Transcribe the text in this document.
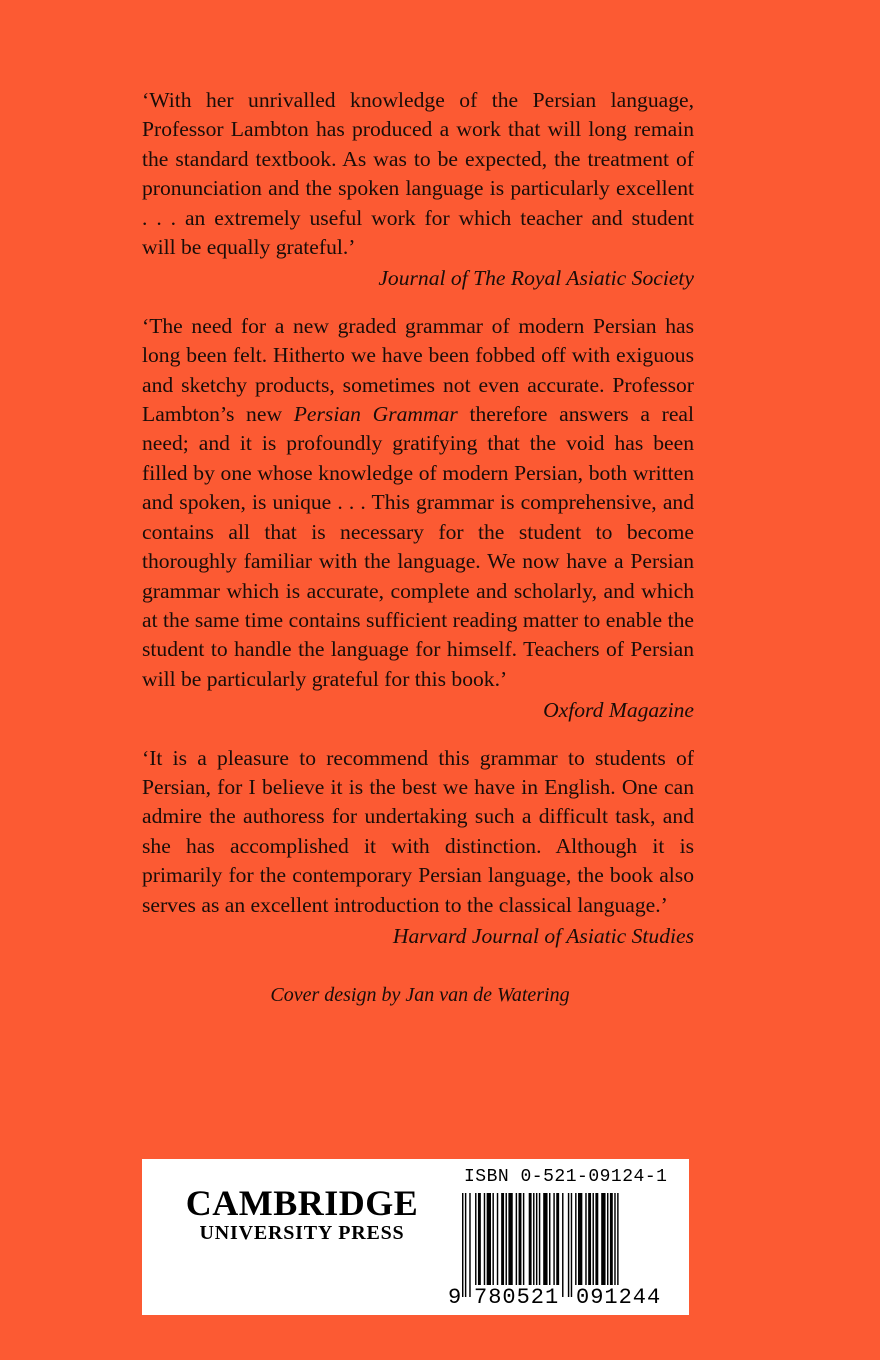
‘With her unrivalled knowledge of the Persian language, Professor Lambton has produced a work that will long remain the standard textbook. As was to be expected, the treatment of pronunciation and the spoken language is particularly excellent . . . an extremely useful work for which teacher and student will be equally grateful.’

Journal of The Royal Asiatic Society

‘The need for a new graded grammar of modern Persian has long been felt. Hitherto we have been fobbed off with exiguous and sketchy products, sometimes not even accurate. Professor Lambton’s new Persian Grammar therefore answers a real need; and it is profoundly gratifying that the void has been filled by one whose knowledge of modern Persian, both written and spoken, is unique . . . This grammar is comprehensive, and contains all that is necessary for the student to become thoroughly familiar with the language. We now have a Persian grammar which is accurate, complete and scholarly, and which at the same time contains sufficient reading matter to enable the student to handle the language for himself. Teachers of Persian will be particularly grateful for this book.’

Oxford Magazine

‘It is a pleasure to recommend this grammar to students of Persian, for I believe it is the best we have in English. One can admire the authoress for undertaking such a difficult task, and she has accomplished it with distinction. Although it is primarily for the contemporary Persian language, the book also serves as an excellent introduction to the classical language.’

Harvard Journal of Asiatic Studies

Cover design by Jan van de Watering
CAMBRIDGE
UNIVERSITY PRESS
ISBN 0-521-09124-1
9 780521 091244
